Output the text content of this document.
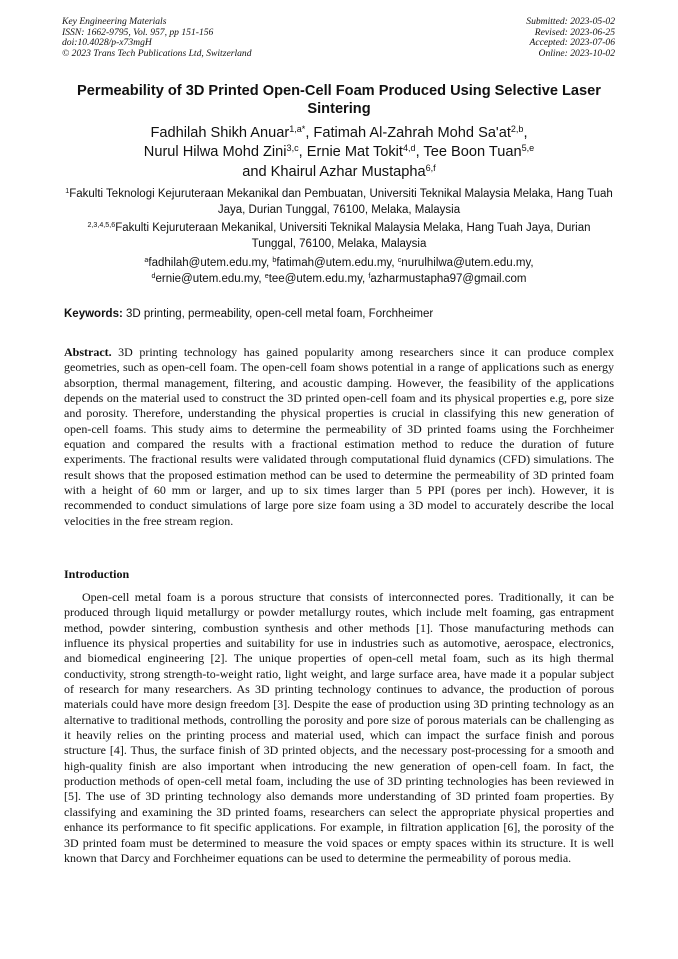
Key Engineering Materials
ISSN: 1662-9795, Vol. 957, pp 151-156
doi:10.4028/p-x73mgH
© 2023 Trans Tech Publications Ltd, Switzerland
Submitted: 2023-05-02
Revised: 2023-06-25
Accepted: 2023-07-06
Online: 2023-10-02
Permeability of 3D Printed Open-Cell Foam Produced Using Selective Laser Sintering
Fadhilah Shikh Anuar$^{1,a*}$, Fatimah Al-Zahrah Mohd Sa'at$^{2,b}$,
Nurul Hilwa Mohd Zini$^{3,c}$, Ernie Mat Tokit$^{4,d}$, Tee Boon Tuan$^{5,e}$
and Khairul Azhar Mustapha$^{6,f}$
$^1$Fakulti Teknologi Kejuruteraan Mekanikal dan Pembuatan, Universiti Teknikal Malaysia Melaka, Hang Tuah Jaya, Durian Tunggal, 76100, Melaka, Malaysia
$^{2,3,4,5,6}$Fakulti Kejuruteraan Mekanikal, Universiti Teknikal Malaysia Melaka, Hang Tuah Jaya, Durian Tunggal, 76100, Melaka, Malaysia
$^a$fadhilah@utem.edu.my, $^b$fatimah@utem.edu.my, $^c$nurulhilwa@utem.edu.my,
$^d$ernie@utem.edu.my, $^e$tee@utem.edu.my, $^f$azharmustapha97@gmail.com
Keywords: 3D printing, permeability, open-cell metal foam, Forchheimer

Abstract. 3D printing technology has gained popularity among researchers since it can produce complex geometries, such as open-cell foam. The open-cell foam shows potential in a range of applications such as energy absorption, thermal management, filtering, and acoustic damping. However, the feasibility of the applications depends on the material used to construct the 3D printed open-cell foam and its physical properties e.g, pore size and porosity. Therefore, understanding the physical properties is crucial in classifying this new generation of open-cell foams. This study aims to determine the permeability of 3D printed foams using the Forchheimer equation and compared the results with a fractional estimation method to reduce the duration of future experiments. The fractional results were validated through computational fluid dynamics (CFD) simulations. The result shows that the proposed estimation method can be used to determine the permeability of 3D printed foam with a height of 60 mm or larger, and up to six times larger than 5 PPI (pores per inch). However, it is recommended to conduct simulations of large pore size foam using a 3D model to accurately describe the local velocities in the free stream region.

Introduction

Open-cell metal foam is a porous structure that consists of interconnected pores. Traditionally, it can be produced through liquid metallurgy or powder metallurgy routes, which include melt foaming, gas entrapment method, powder sintering, combustion synthesis and other methods [1]. Those manufacturing methods can influence its physical properties and suitability for use in industries such as automotive, aerospace, electronics, and biomedical engineering [2]. The unique properties of open-cell metal foam, such as its high thermal conductivity, strong strength-to-weight ratio, light weight, and large surface area, have made it a popular subject of research for many researchers. As 3D printing technology continues to advance, the production of porous materials could have more design freedom [3]. Despite the ease of production using 3D printing technology as an alternative to traditional methods, controlling the porosity and pore size of porous materials can be challenging as it heavily relies on the printing process and material used, which can impact the surface finish and porous structure [4]. Thus, the surface finish of 3D printed objects, and the necessary post-processing for a smooth and high-quality finish are also important when introducing the new generation of open-cell foam. In fact, the production methods of open-cell metal foam, including the use of 3D printing technologies has been reviewed in [5]. The use of 3D printing technology also demands more understanding of 3D printed foam properties. By classifying and examining the 3D printed foams, researchers can select the appropriate physical properties and enhance its performance to fit specific applications. For example, in filtration application [6], the porosity of the 3D printed foam must be determined to measure the void spaces or empty spaces within its structure. It is well known that Darcy and Forchheimer equations can be used to determine the permeability of porous media.
